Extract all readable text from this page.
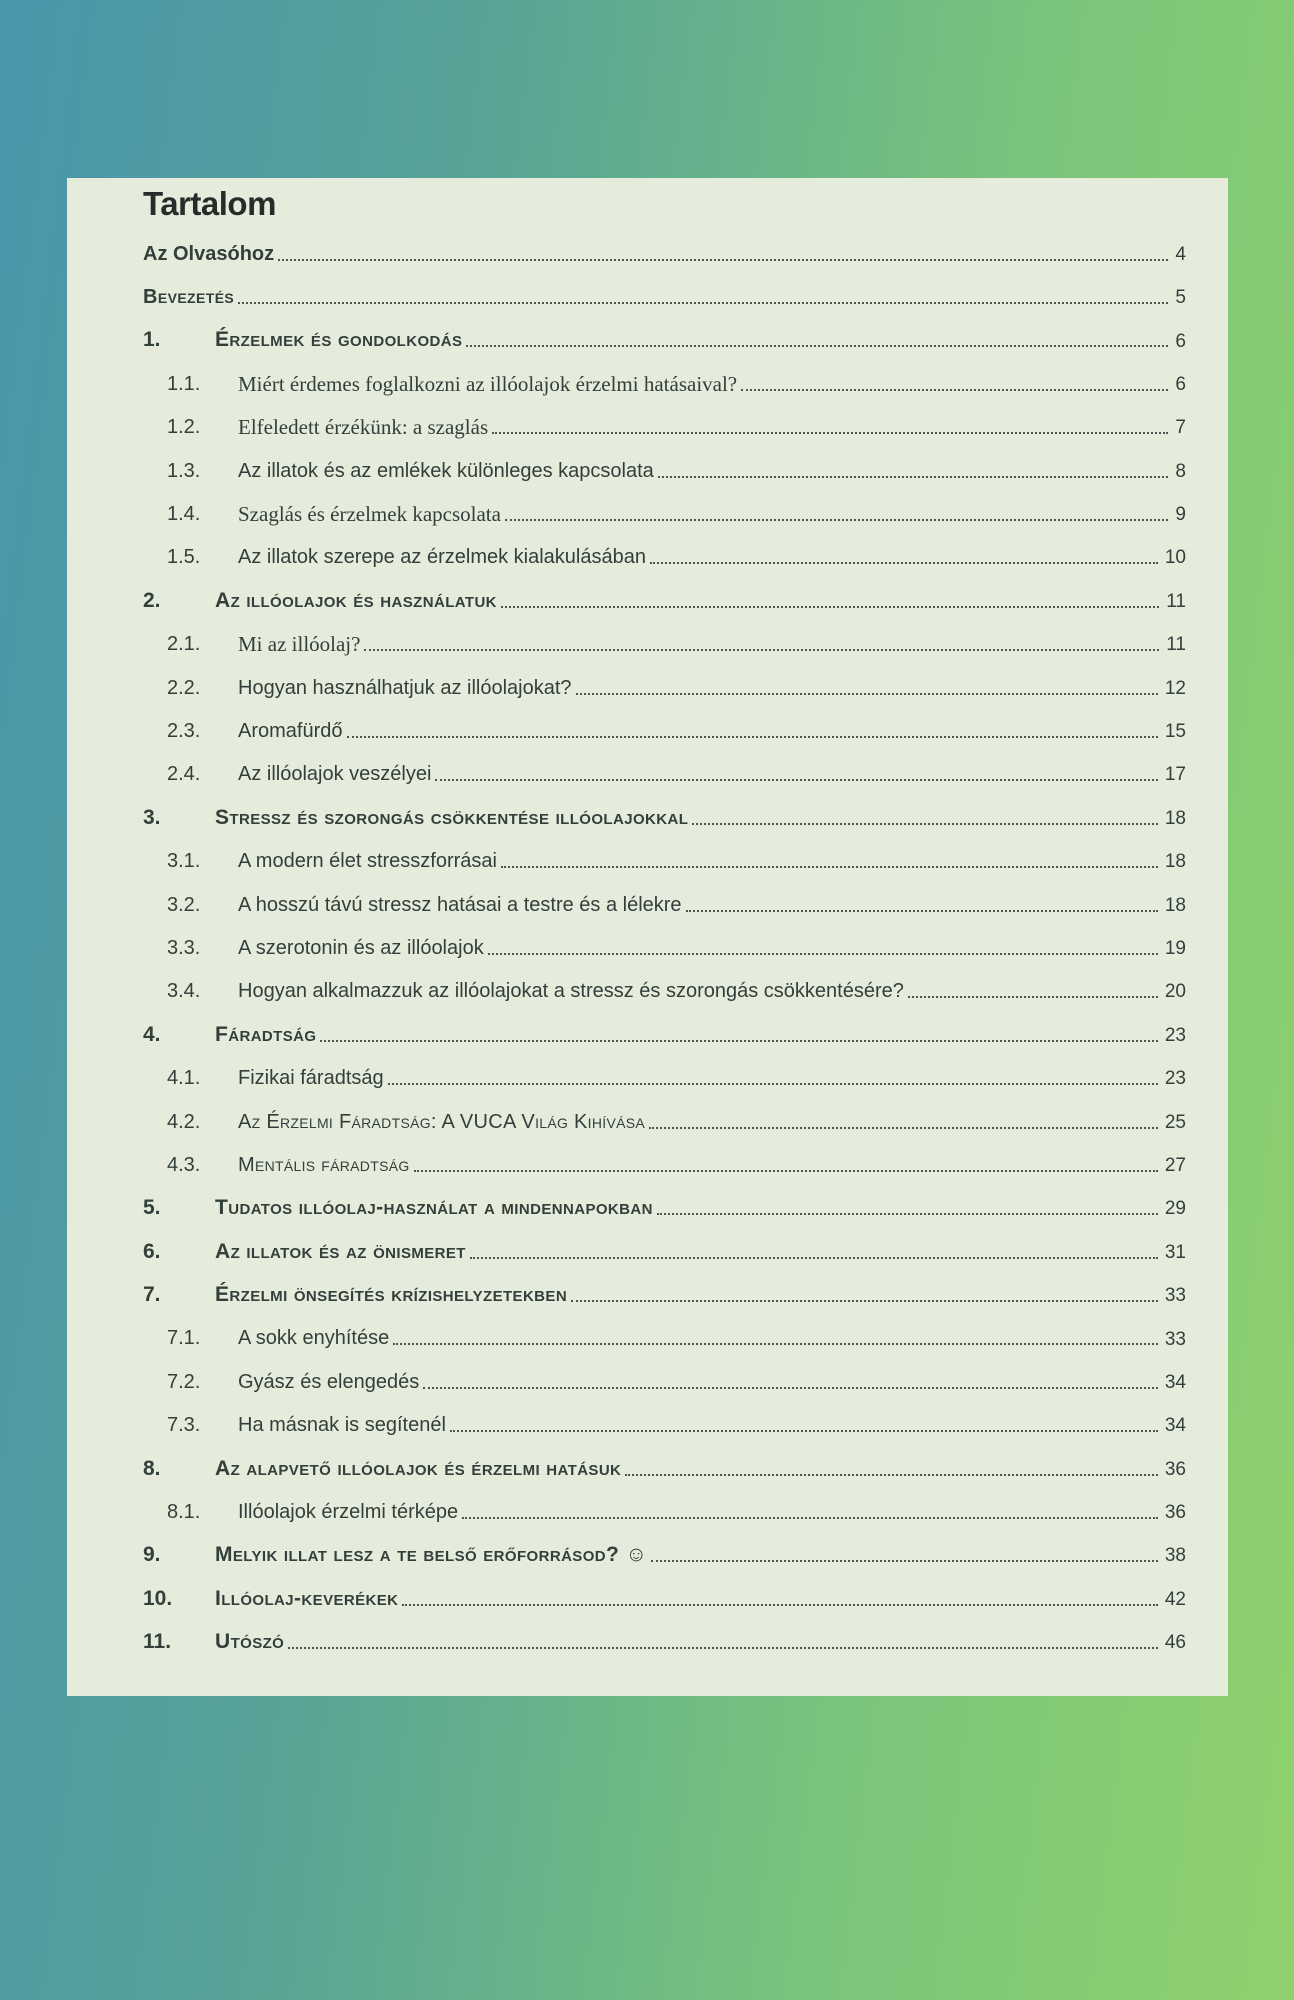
Tartalom
Az Olvasóhoz	4
Bevezetés	5
1.	Érzelmek és gondolkodás	6
1.1.	Miért érdemes foglalkozni az illóolajok érzelmi hatásaival?	6
1.2.	Elfeledett érzékünk: a szaglás	7
1.3.	Az illatok és az emlékek különleges kapcsolata	8
1.4.	Szaglás és érzelmek kapcsolata	9
1.5.	Az illatok szerepe az érzelmek kialakulásában	10
2.	Az illóolajok és használatuk	11
2.1.	Mi az illóolaj?	11
2.2.	Hogyan használhatjuk az illóolajokat?	12
2.3.	Aromafürdő	15
2.4.	Az illóolajok veszélyei	17
3.	Stressz és szorongás csökkentése illóolajokkal	18
3.1.	A modern élet stresszforrásai	18
3.2.	A hosszú távú stressz hatásai a testre és a lélekre	18
3.3.	A szerotonin és az illóolajok	19
3.4.	Hogyan alkalmazzuk az illóolajokat a stressz és szorongás csökkentésére?	20
4.	Fáradtság	23
4.1.	Fizikai fáradtság	23
4.2.	Az Érzelmi Fáradtság: A VUCA Világ Kihívása	25
4.3.	Mentális fáradtság	27
5.	Tudatos illóolaj-használat a mindennapokban	29
6.	Az illatok és az önismeret	31
7.	Érzelmi önsegítés krízishelyzetekben	33
7.1.	A sokk enyhítése	33
7.2.	Gyász és elengedés	34
7.3.	Ha másnak is segítenél	34
8.	Az alapvető illóolajok és érzelmi hatásuk	36
8.1.	Illóolajok érzelmi térképe	36
9.	Melyik illat lesz a te belső erőforrásod? ☺	38
10.	Illóolaj-keverékek	42
11.	Utószó	46
